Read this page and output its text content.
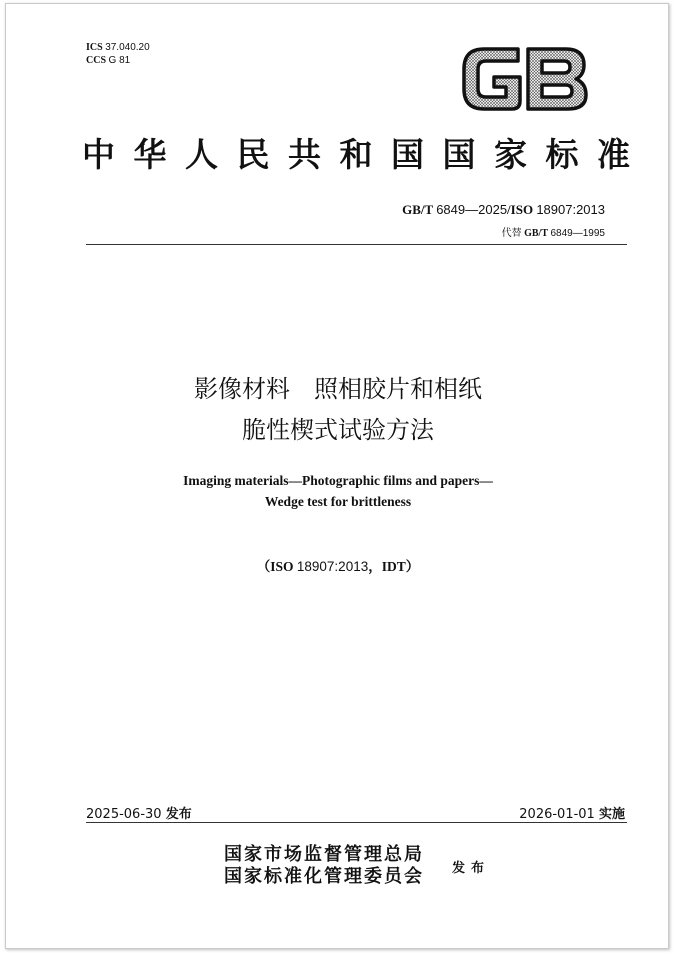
ICS 37.040.20
CCS G 81
中 华 人 民 共 和 国 国 家 标 准
GB/T 6849—2025/ISO 18907:2013
代替 GB/T 6849—1995
影像材料　照相胶片和相纸
脆性楔式试验方法
Imaging materials—Photographic films and papers—
Wedge test for brittleness
（ISO 18907:2013，IDT）
2025-06-30 发布	2026-01-01 实施
国家市场监督管理总局
国家标准化管理委员会 发布
